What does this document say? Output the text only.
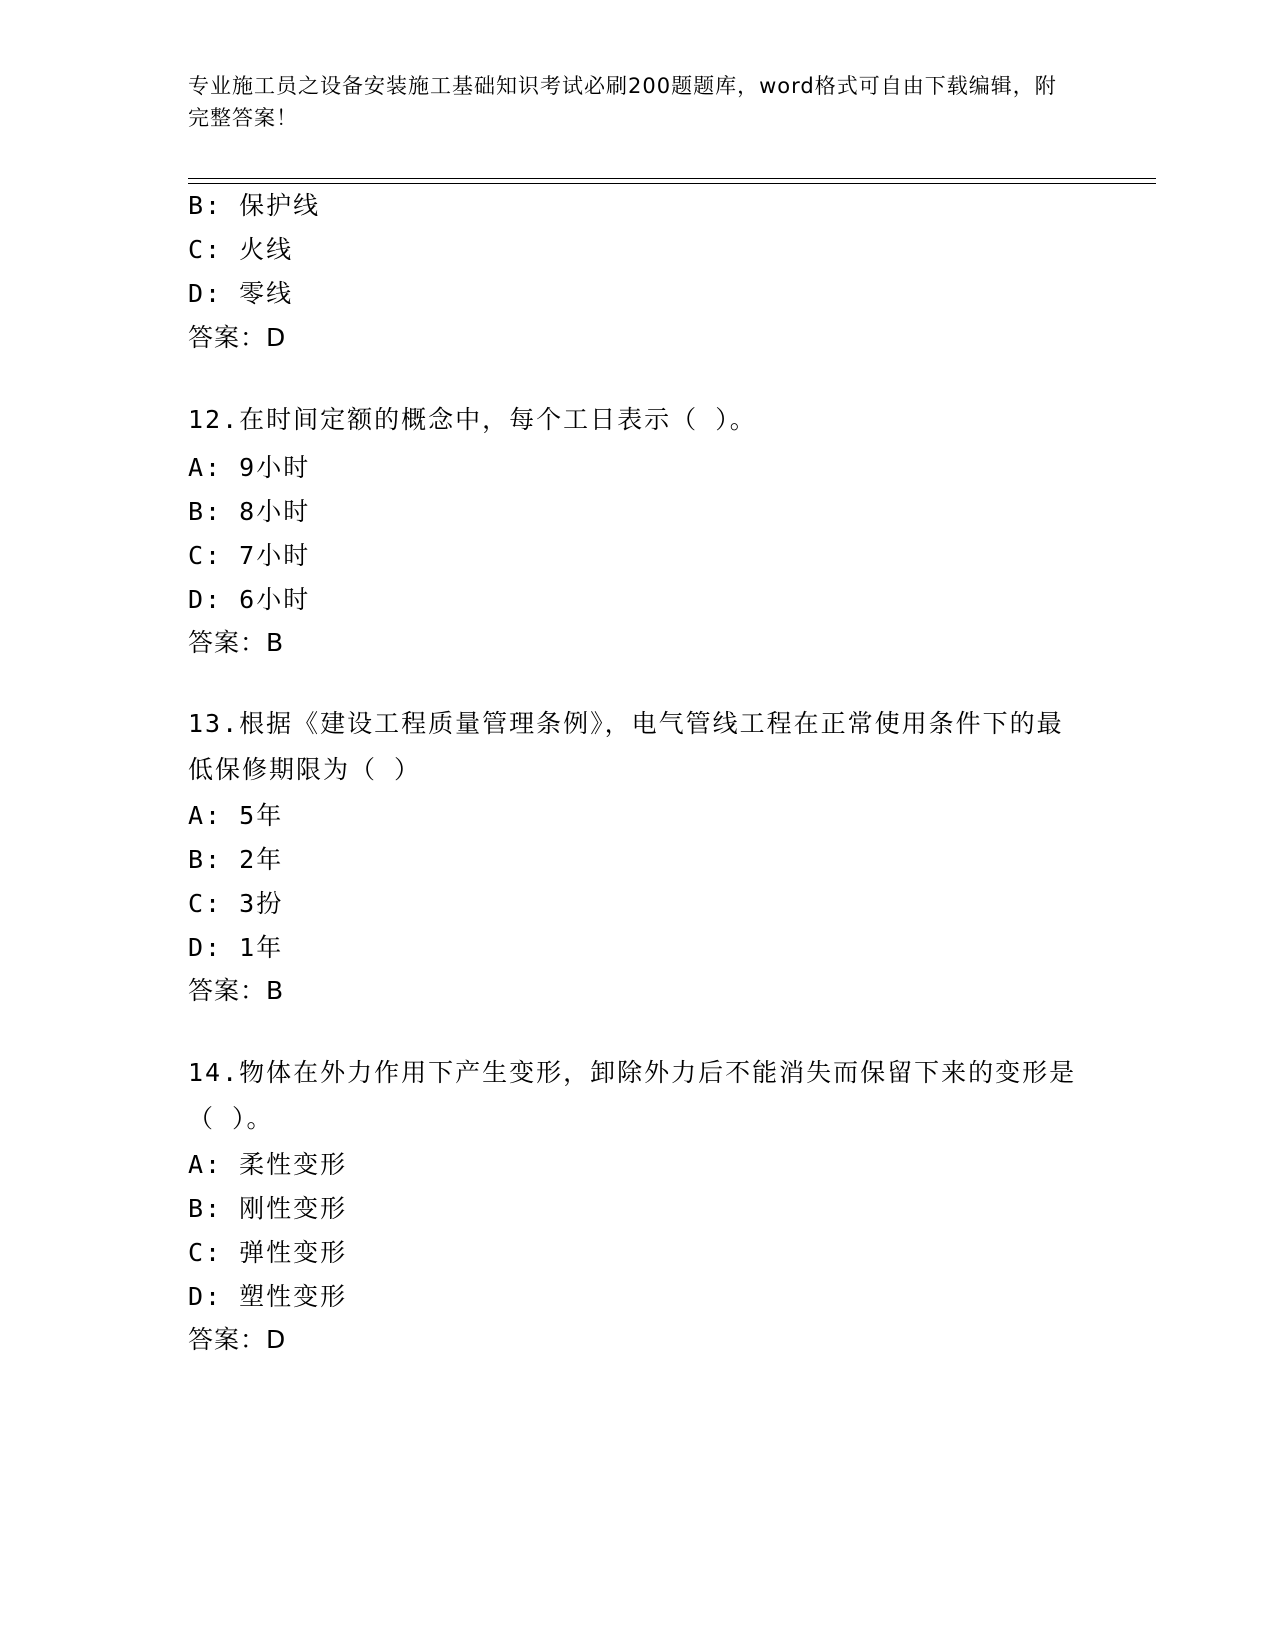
专业施工员之设备安装施工基础知识考试必刷200题题库，word格式可自由下载编辑，附完整答案！
B: 保护线
C: 火线
D: 零线
答案：D
12.在时间定额的概念中，每个工日表示（ ）。
A: 9小时
B: 8小时
C: 7小时
D: 6小时
答案：B
13.根据《建设工程质量管理条例》，电气管线工程在正常使用条件下的最低保修期限为（ ）
A: 5年
B: 2年
C: 3扮
D: 1年
答案：B
14.物体在外力作用下产生变形，卸除外力后不能消失而保留下来的变形是（ ）。
A: 柔性变形
B: 刚性变形
C: 弹性变形
D: 塑性变形
答案：D
